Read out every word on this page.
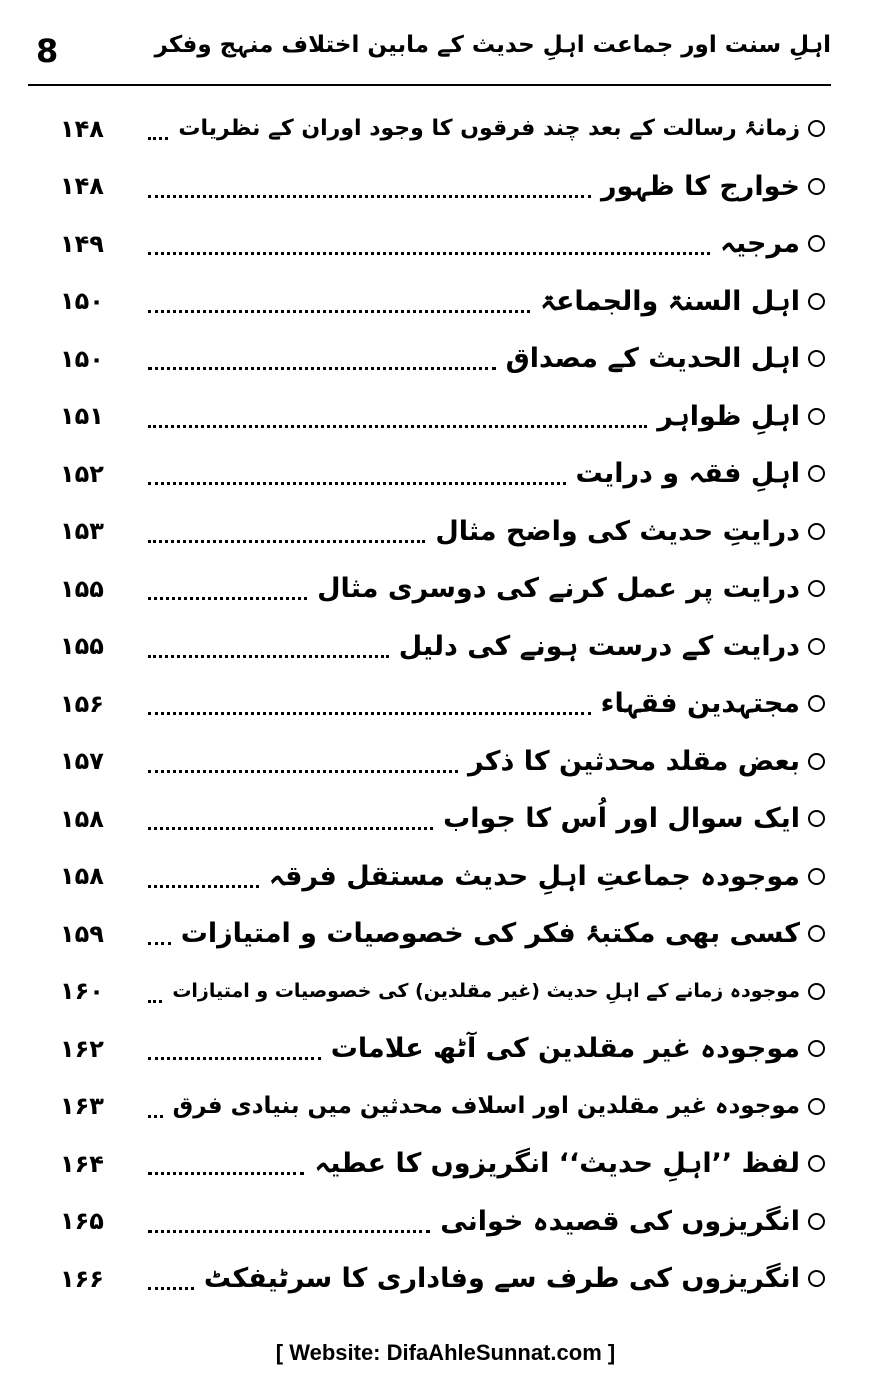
اہلِ سنت اور جماعت اہلِ حدیث کے مابین اختلاف منہج وفکر
8
زمانۂ رسالت کے بعد چند فرقوں کا وجود اوران کے نظریات
۱۴۸
خوارج کا ظہور
۱۴۸
مرجیہ
۱۴۹
اہل السنۃ والجماعۃ
۱۵۰
اہل الحدیث کے مصداق
۱۵۰
اہلِ ظواہر
۱۵۱
اہلِ فقہ و درایت
۱۵۲
درایتِ حدیث کی واضح مثال
۱۵۳
درایت پر عمل کرنے کی دوسری مثال
۱۵۵
درایت کے درست ہونے کی دلیل
۱۵۵
مجتہدین فقہاء
۱۵۶
بعض مقلد محدثین کا ذکر
۱۵۷
ایک سوال اور اُس کا جواب
۱۵۸
موجودہ جماعتِ اہلِ حدیث مستقل فرقہ
۱۵۸
کسی بھی مکتبۂ فکر کی خصوصیات و امتیازات
۱۵۹
موجودہ زمانے کے اہلِ حدیث (غیر مقلدین) کی خصوصیات و امتیازات
۱۶۰
موجودہ غیر مقلدین کی آٹھ علامات
۱۶۲
موجودہ غیر مقلدین اور اسلاف محدثین میں بنیادی فرق
۱۶۳
لفظ ’’اہلِ حدیث‘‘ انگریزوں کا عطیہ
۱۶۴
انگریزوں کی قصیدہ خوانی
۱۶۵
انگریزوں کی طرف سے وفاداری کا سرٹیفکٹ
۱۶۶
[ Website: DifaAhleSunnat.com ]
